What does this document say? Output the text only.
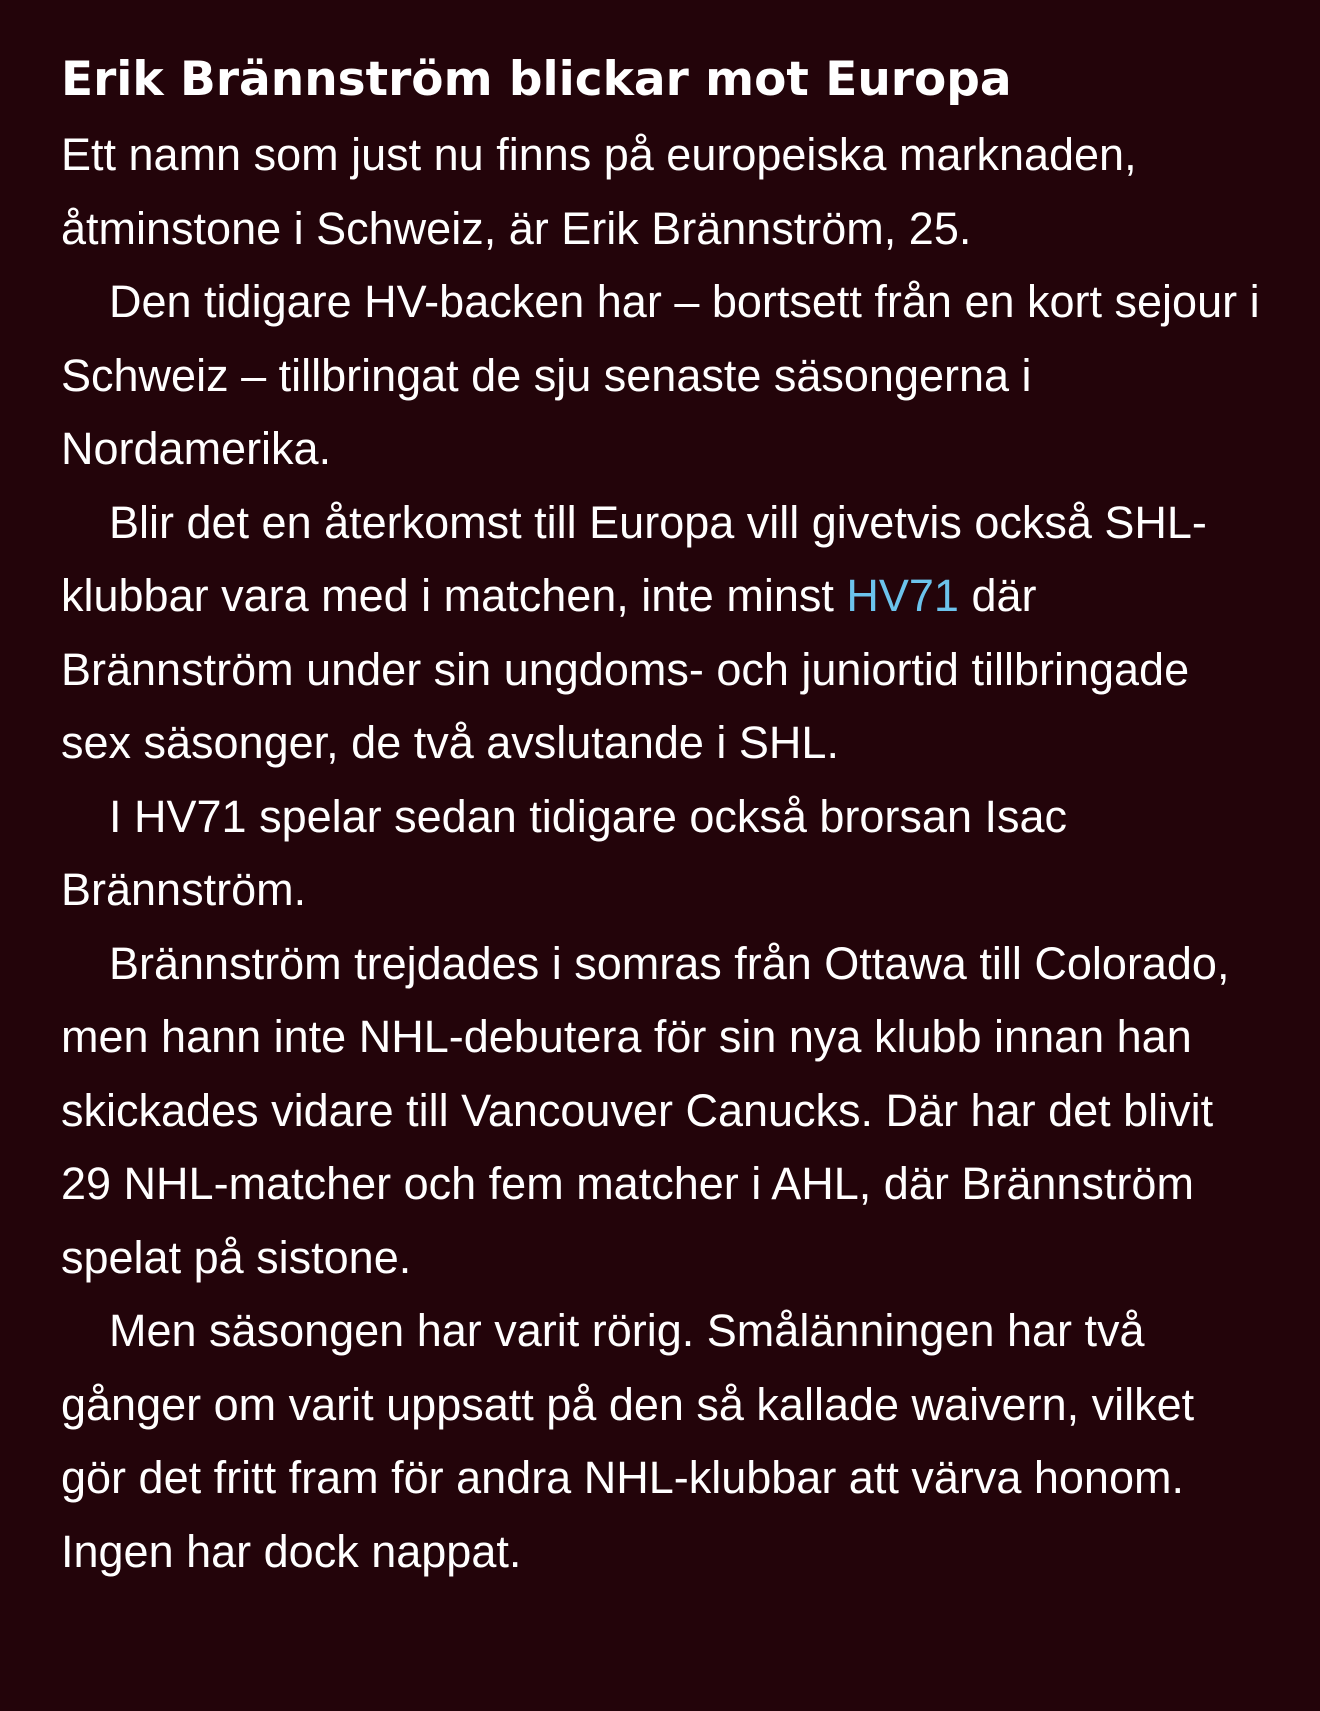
Erik Brännström blickar mot Europa

Ett namn som just nu finns på europeiska marknaden, åtminstone i Schweiz, är Erik Brännström, 25.

Den tidigare HV-backen har – bortsett från en kort sejour i Schweiz – tillbringat de sju senaste säsongerna i Nordamerika.

Blir det en återkomst till Europa vill givetvis också SHL-klubbar vara med i matchen, inte minst HV71 där Brännström under sin ungdoms- och juniortid tillbringade sex säsonger, de två avslutande i SHL.

I HV71 spelar sedan tidigare också brorsan Isac Brännström.

Brännström trejdades i somras från Ottawa till Colorado, men hann inte NHL-debutera för sin nya klubb innan han skickades vidare till Vancouver Canucks. Där har det blivit 29 NHL-matcher och fem matcher i AHL, där Brännström spelat på sistone.

Men säsongen har varit rörig. Smålänningen har två gånger om varit uppsatt på den så kallade waivern, vilket gör det fritt fram för andra NHL-klubbar att värva honom. Ingen har dock nappat.
